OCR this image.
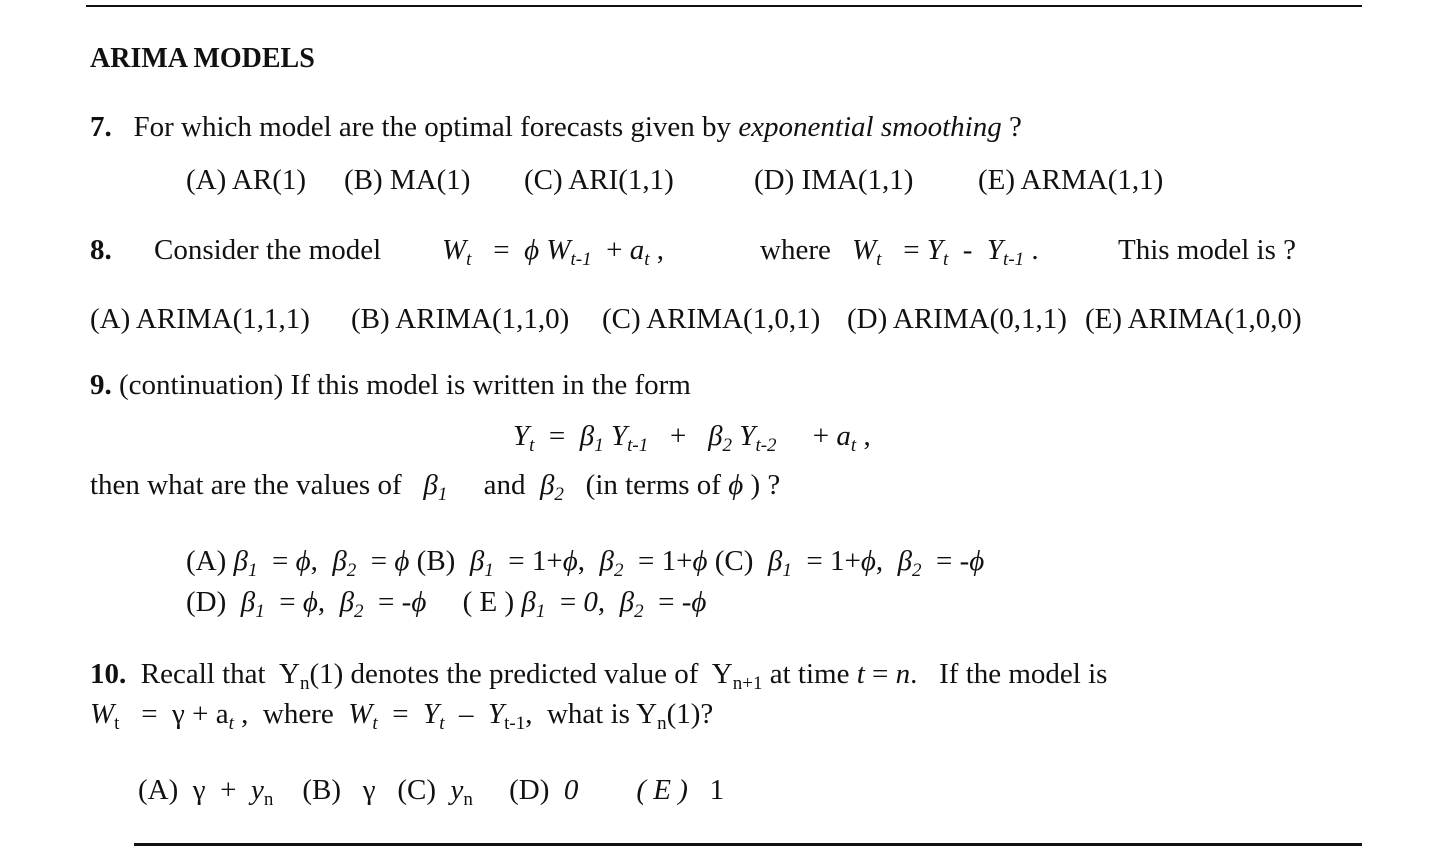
ARIMA MODELS
7. For which model are the optimal forecasts given by exponential smoothing ?
(A) AR(1) (B) MA(1) (C) ARI(1,1)	(D) IMA(1,1) (E) ARMA(1,1)
8. Consider the model $W_t = \phi$ $W_{t-1} + a_t$ ,	where $W_t = Y_t - Y_{t-1}$ .	This model is ?
(A) ARIMA(1,1,1) (B) ARIMA(1,1,0) (C) ARIMA(1,0,1) (D) ARIMA(0,1,1) (E) ARIMA(1,0,0)
9. (continuation) If this model is written in the form
$Y_t = \beta_1$ $Y_{t-1} + \beta_2$ $Y_{t-2}$     + $a_t$ ,
then what are the values of $\beta_1$ and $\beta_2$ (in terms of ϕ ) ?
(A) $\beta_1 = \phi$,  $\beta_2 = \phi$ (B) $\beta_1 = 1+\phi$,  $\beta_2 = 1+\phi$ (C) $\beta_1 = 1+\phi$,  $\beta_2 = -\phi$
(D) $\beta_1 = \phi$,  $\beta_2 = -\phi$ ( E ) $\beta_1 = 0$,  $\beta_2 = -\phi$
10. Recall that  $Y_n(1)$ denotes the predicted value of  $Y_{n+1}$ at time t = n.   If the model is
$W_t = \gamma + a_t$ ,  where $W_t = Y_t - Y_{t-1}$,  what is $Y_n(1)$?
(A)  $\gamma + y_n$ (B)   γ   (C) $y_n$ (D) 0 ( E ) 1
